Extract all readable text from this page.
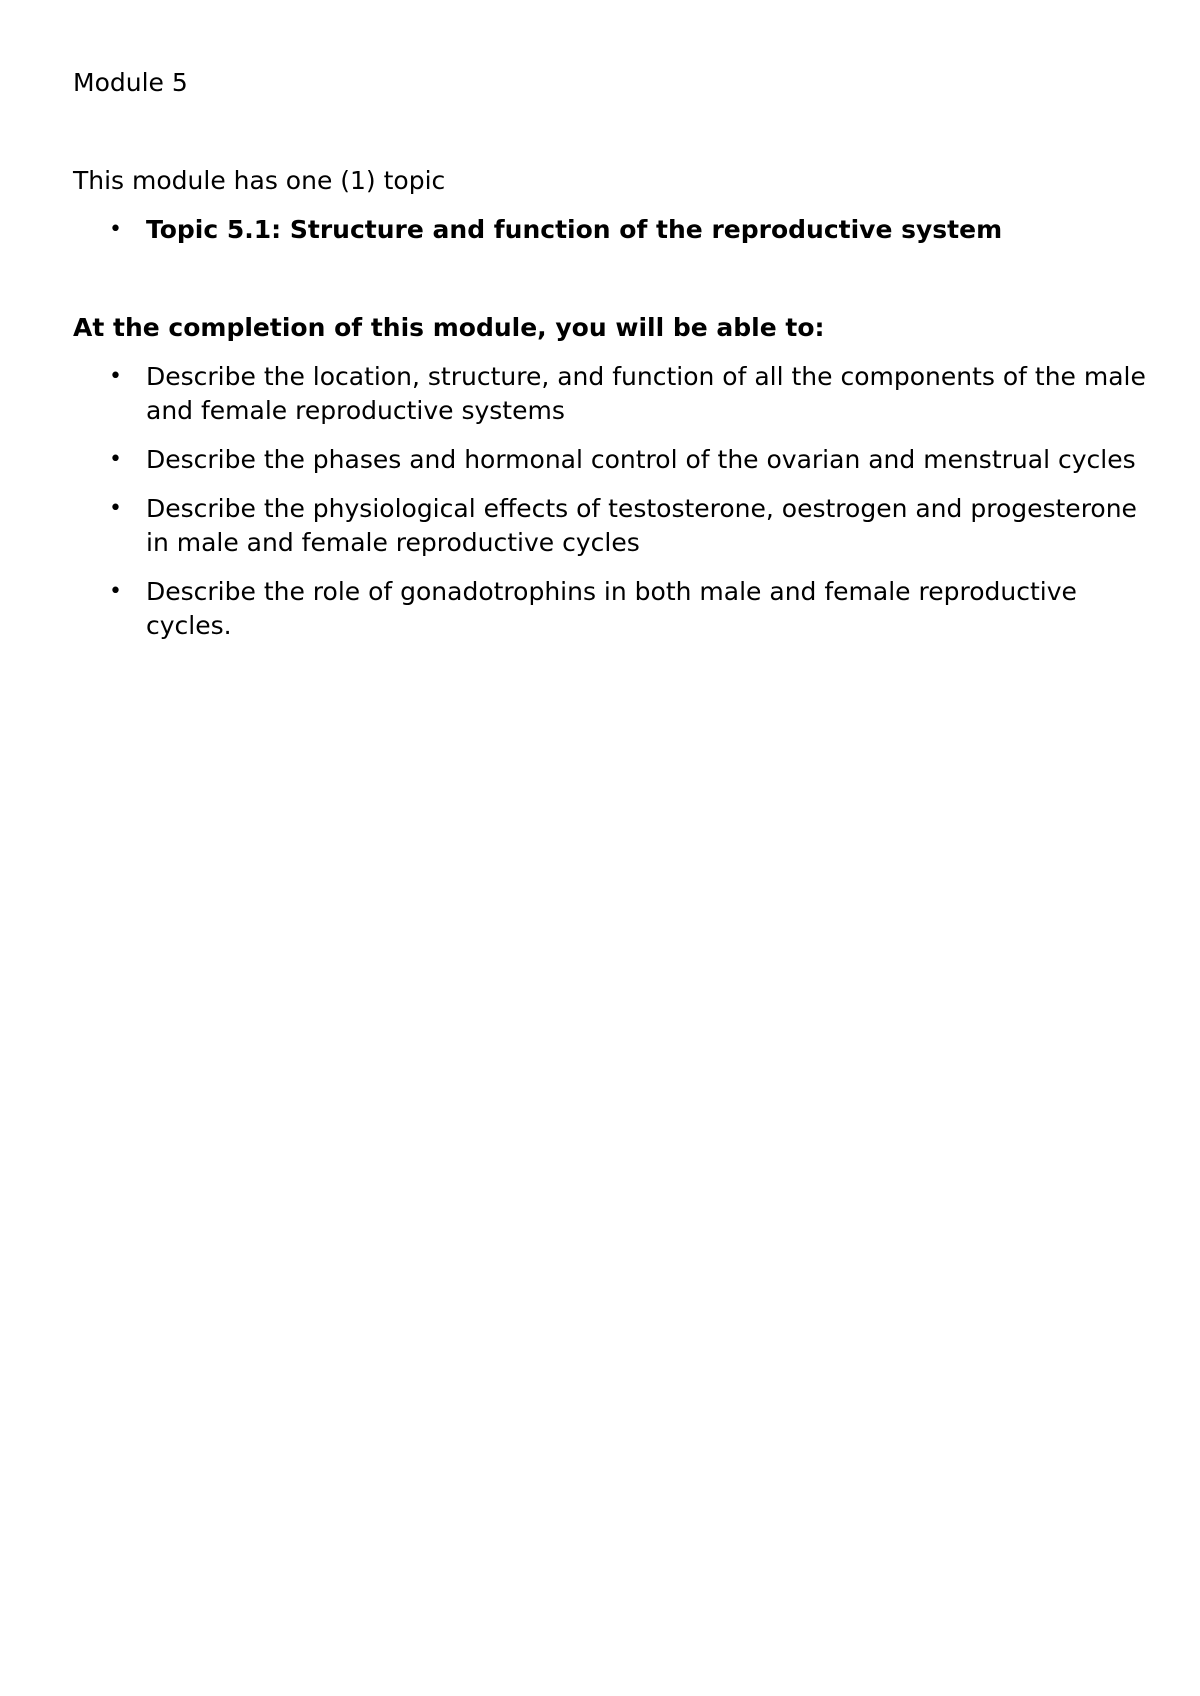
Module 5

This module has one (1) topic

• Topic 5.1: Structure and function of the reproductive system

At the completion of this module, you will be able to:

• Describe the location, structure, and function of all the components of the male and female reproductive systems
• Describe the phases and hormonal control of the ovarian and menstrual cycles
• Describe the physiological effects of testosterone, oestrogen and progesterone in male and female reproductive cycles
• Describe the role of gonadotrophins in both male and female reproductive cycles.
